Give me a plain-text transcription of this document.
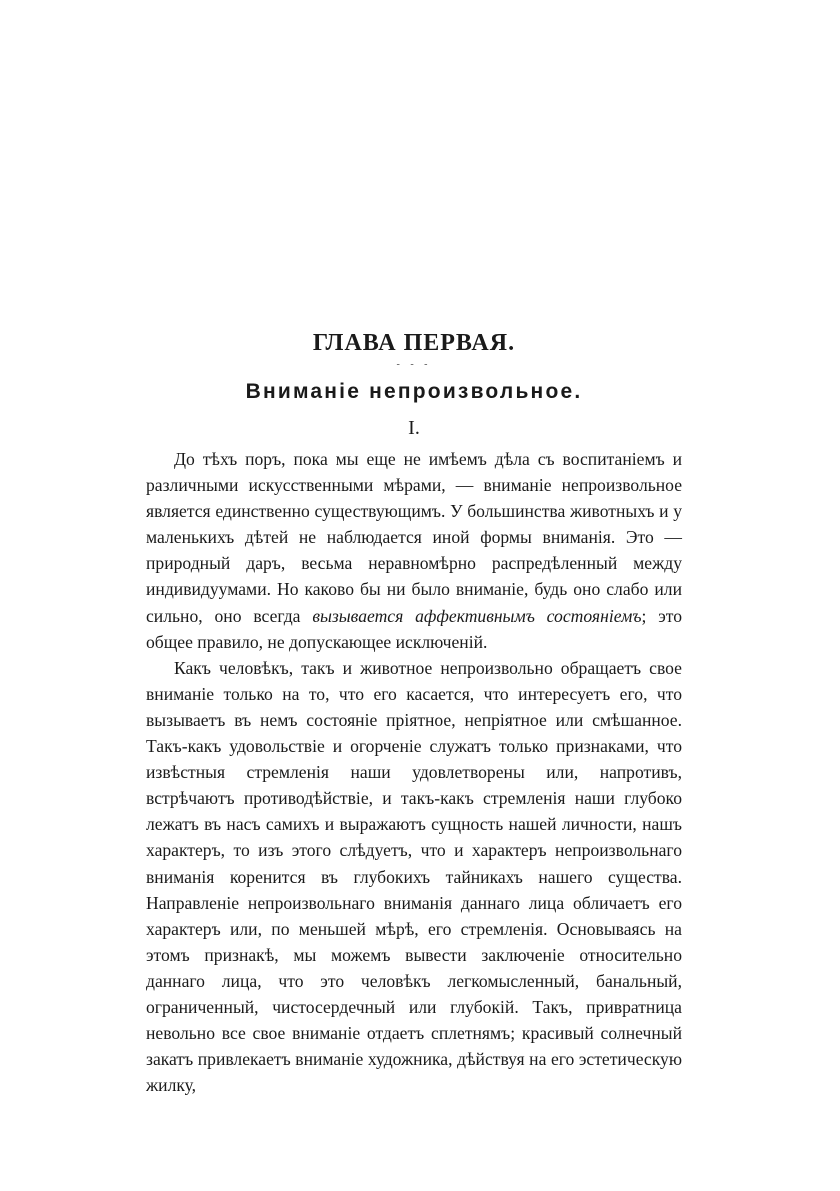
ГЛАВА ПЕРВАЯ.
- - -
Вниманіе непроизвольное.
I.

До тѣхъ поръ, пока мы еще не имѣемъ дѣла съ воспитаніемъ и различными искусственными мѣрами, — вниманіе непроизвольное является единственно существующимъ. У большинства животныхъ и у маленькихъ дѣтей не наблюдается иной формы вниманія. Это — природный даръ, весьма неравномѣрно распредѣленный между индивидуумами. Но каково бы ни было вниманіе, будь оно слабо или сильно, оно всегда вызывается аффективнымъ состояніемъ; это общее правило, не допускающее исключеній.

Какъ человѣкъ, такъ и животное непроизвольно обращаетъ свое вниманіе только на то, что его касается, что интересуетъ его, что вызываетъ въ немъ состояніе пріятное, непріятное или смѣшанное. Такъ-какъ удовольствіе и огорченіе служатъ только признаками, что извѣстныя стремленія наши удовлетворены или, напротивъ, встрѣчаютъ противодѣйствіе, и такъ-какъ стремленія наши глубоко лежатъ въ насъ самихъ и выражаютъ сущность нашей личности, нашъ характеръ, то изъ этого слѣдуетъ, что и характеръ непроизвольнаго вниманія коренится въ глубокихъ тайникахъ нашего существа. Направленіе непроизвольнаго вниманія даннаго лица обличаетъ его характеръ или, по меньшей мѣрѣ, его стремленія. Основываясь на этомъ признакѣ, мы можемъ вывести заключеніе относительно даннаго лица, что это человѣкъ легкомысленный, банальный, ограниченный, чистосердечный или глубокій. Такъ, привратница невольно все свое вниманіе отдаетъ сплетнямъ; красивый солнечный закатъ привлекаетъ вниманіе художника, дѣйствуя на его эстетическую жилку,
